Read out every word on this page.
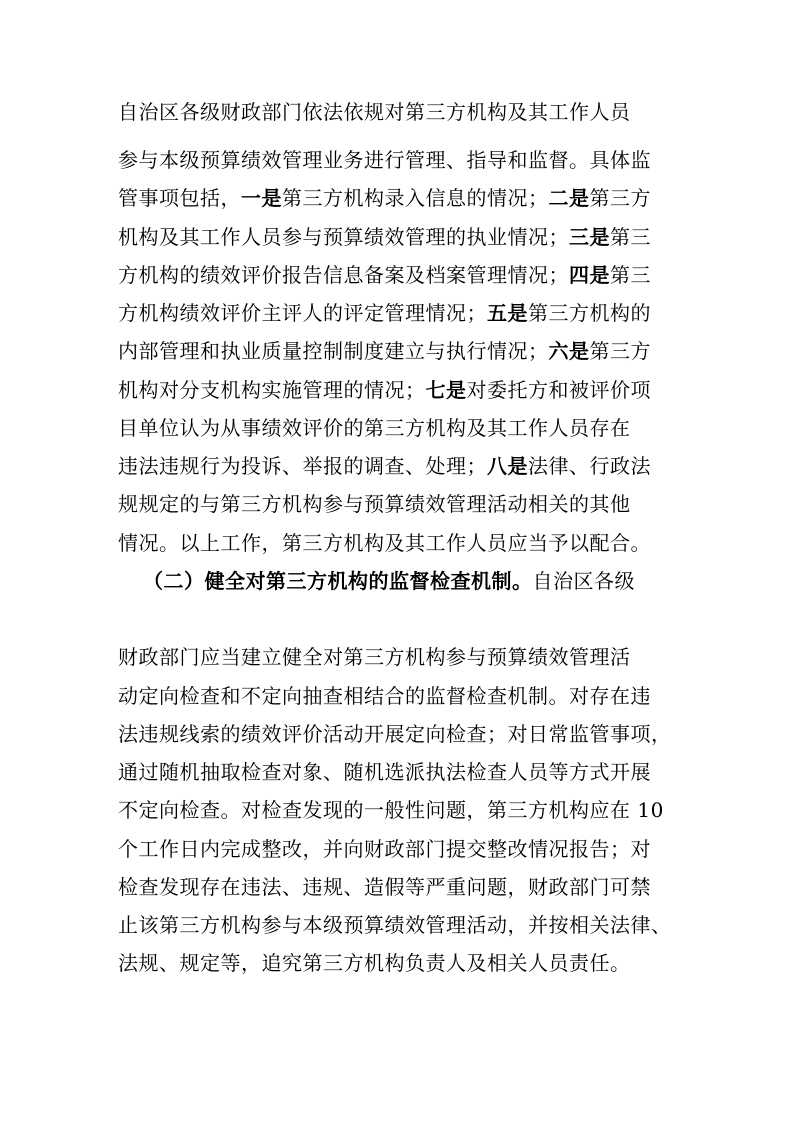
自治区各级财政部门依法依规对第三方机构及其工作人员
参与本级预算绩效管理业务进行管理、指导和监督。具体监
管事项包括，一是第三方机构录入信息的情况；二是第三方
机构及其工作人员参与预算绩效管理的执业情况；三是第三
方机构的绩效评价报告信息备案及档案管理情况；四是第三
方机构绩效评价主评人的评定管理情况；五是第三方机构的
内部管理和执业质量控制制度建立与执行情况；六是第三方
机构对分支机构实施管理的情况；七是对委托方和被评价项
目单位认为从事绩效评价的第三方机构及其工作人员存在
违法违规行为投诉、举报的调查、处理；八是法律、行政法
规规定的与第三方机构参与预算绩效管理活动相关的其他
情况。以上工作，第三方机构及其工作人员应当予以配合。
（二）健全对第三方机构的监督检查机制。自治区各级
财政部门应当建立健全对第三方机构参与预算绩效管理活
动定向检查和不定向抽查相结合的监督检查机制。对存在违
法违规线索的绩效评价活动开展定向检查；对日常监管事项，
通过随机抽取检查对象、随机选派执法检查人员等方式开展
不定向检查。对检查发现的一般性问题，第三方机构应在 10
个工作日内完成整改，并向财政部门提交整改情况报告；对
检查发现存在违法、违规、造假等严重问题，财政部门可禁
止该第三方机构参与本级预算绩效管理活动，并按相关法律、
法规、规定等，追究第三方机构负责人及相关人员责任。
